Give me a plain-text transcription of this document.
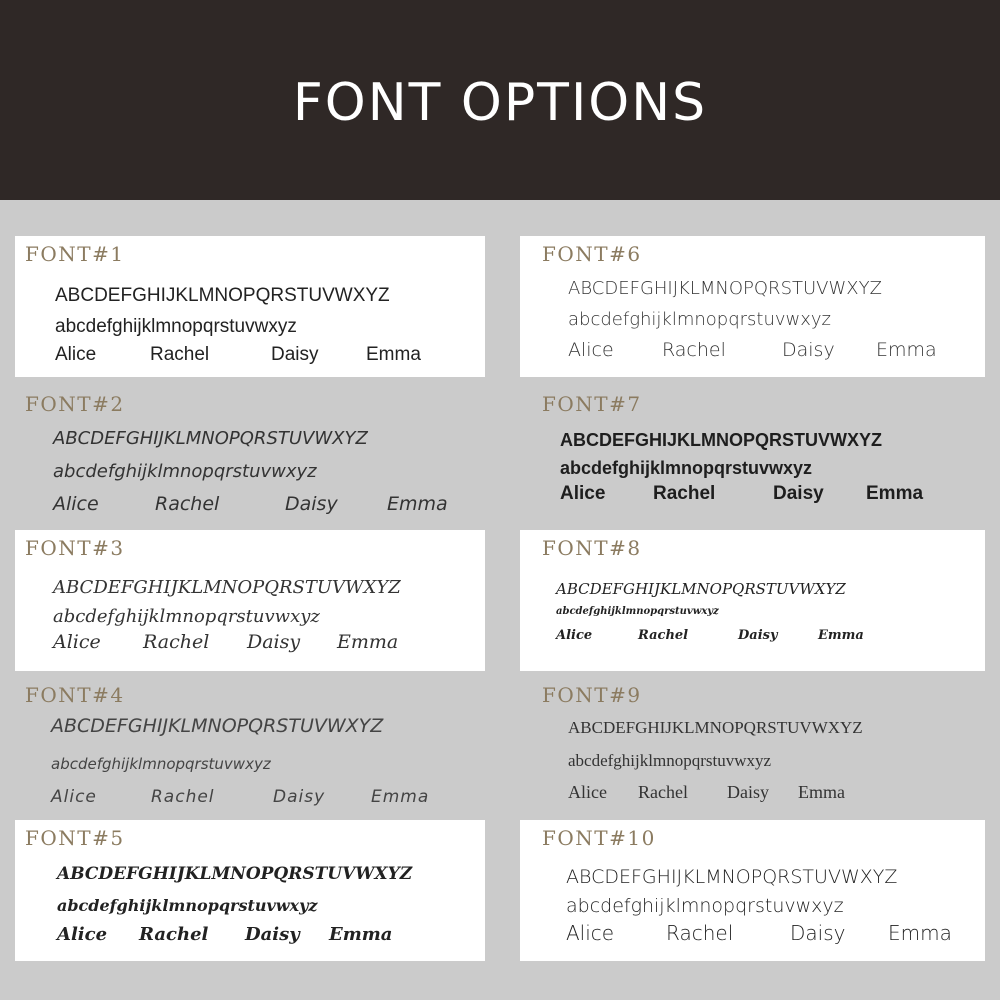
FONT OPTIONS
FONT#1
ABCDEFGHIJKLMNOPQRSTUVWXYZ
abcdefghijklmnopqrstuvwxyz
Alice	Rachel	Daisy Emma
FONT#2
ABCDEFGHIJKLMNOPQRSTUVWXYZ
abcdefghijklmnopqrstuvwxyz
Alice	Rachel	Daisy	Emma
FONT#3
ABCDEFGHIJKLMNOPQRSTUVWXYZ
abcdefghijklmnopqrstuvwxyz
Alice Rachel Daisy Emma
FONT#4
ABCDEFGHIJKLMNOPQRSTUVWXYZ
abcdefghijklmnopqrstuvwxyz
Alice	Rachel	Daisy	Emma
FONT#5
ABCDEFGHIJKLMNOPQRSTUVWXYZ
abcdefghijklmnopqrstuvwxyz
Alice Rachel Daisy Emma
FONT#6
ABCDEFGHIJKLMNOPQRSTUVWXYZ
abcdefghijklmnopqrstuvwxyz
Alice	Rachel	Daisy Emma
FONT#7
ABCDEFGHIJKLMNOPQRSTUVWXYZ
abcdefghijklmnopqrstuvwxyz
Alice	Rachel	Daisy Emma
FONT#8
ABCDEFGHIJKLMNOPQRSTUVWXYZ
abcdefghijklmnopqrstuvwxyz
Alice	Rachel	Daisy	Emma
FONT#9
ABCDEFGHIJKLMNOPQRSTUVWXYZ
abcdefghijklmnopqrstuvwxyz
Alice Rachel Daisy Emma
FONT#10
ABCDEFGHIJKLMNOPQRSTUVWXYZ
abcdefghijklmnopqrstuvwxyz
Alice	Rachel	Daisy Emma
